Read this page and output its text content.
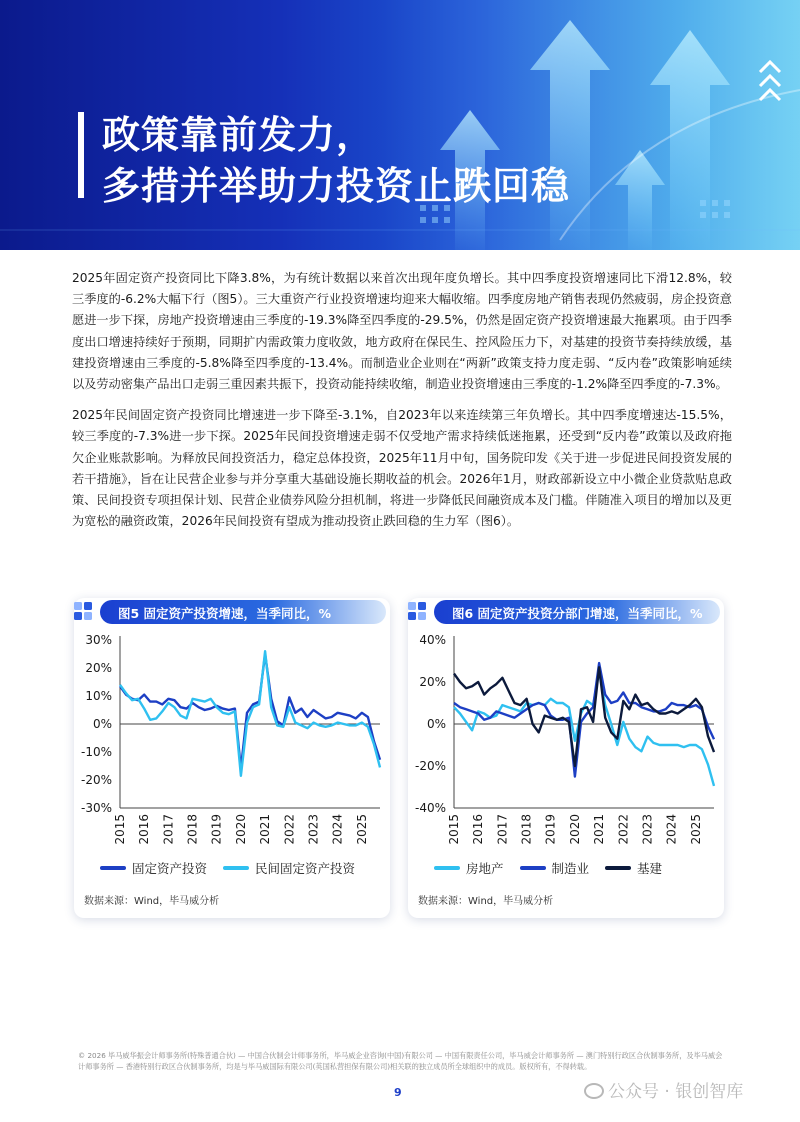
政策靠前发力，
多措并举助力投资止跌回稳

2025年固定资产投资同比下降3.8%，为有统计数据以来首次出现年度负增长。其中四季度投资增速同比下滑12.8%，较三季度的-6.2%大幅下行（图5）。三大重资产行业投资增速均迎来大幅收缩。四季度房地产销售表现仍然疲弱，房企投资意愿进一步下探，房地产投资增速由三季度的-19.3%降至四季度的-29.5%，仍然是固定资产投资增速最大拖累项。由于四季度出口增速持续好于预期，同期扩内需政策力度收敛，地方政府在保民生、控风险压力下，对基建的投资节奏持续放缓，基建投资增速由三季度的-5.8%降至四季度的-13.4%。而制造业企业则在“两新”政策支持力度走弱、“反内卷”政策影响延续以及劳动密集产品出口走弱三重因素共振下，投资动能持续收缩，制造业投资增速由三季度的-1.2%降至四季度的-7.3%。

2025年民间固定资产投资同比增速进一步下降至-3.1%，自2023年以来连续第三年负增长。其中四季度增速达-15.5%，较三季度的-7.3%进一步下探。2025年民间投资增速走弱不仅受地产需求持续低迷拖累，还受到“反内卷”政策以及政府拖欠企业账款影响。为释放民间投资活力，稳定总体投资，2025年11月中旬，国务院印发《关于进一步促进民间投资发展的若干措施》，旨在让民营企业参与并分享重大基础设施长期收益的机会。2026年1月，财政部新设立中小微企业贷款贴息政策、民间投资专项担保计划、民营企业债券风险分担机制，将进一步降低民间融资成本及门槛。伴随准入项目的增加以及更为宽松的融资政策，2026年民间投资有望成为推动投资止跌回稳的生力军（图6）。

图5 固定资产投资增速，当季同比，%
30%
20%
10%
0%
-10%
-20%
-30%
2015 2016 2017 2018 2019 2020 2021 2022 2023 2024 2025
固定资产投资	民间固定资产投资
数据来源：Wind，毕马威分析
图6 固定资产投资分部门增速，当季同比，%
40%
20%
0%
-20%
-40%
2015 2016 2017 2018 2019 2020 2021 2022 2023 2024 2025
房地产	制造业	基建
数据来源：Wind，毕马威分析
© 2026 毕马威华振会计师事务所(特殊普通合伙) — 中国合伙制会计师事务所，毕马威企业咨询(中国)有限公司 — 中国有限责任公司，毕马威会计师事务所 — 澳门特别行政区合伙制事务所，及毕马威会计师事务所 — 香港特别行政区合伙制事务所，均是与毕马威国际有限公司(英国私营担保有限公司)相关联的独立成员所全球组织中的成员。版权所有，不得转载。
9	公众号 · 银创智库
